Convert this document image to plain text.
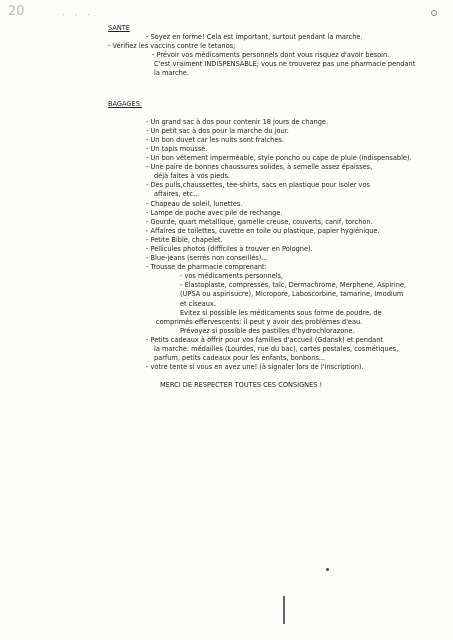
20	- - -

SANTE

- Soyez en forme! Cela est important, surtout pendant la marche.

- Vérifiez les vaccins contre le tetanos;

- Prévoir vos médicaments personnels dont vous risquez d'avoir besoin.

C'est vraiment INDISPENSABLE; vous ne trouverez pas une pharmacie pendant

la marche.

BAGAGES:

- Un grand sac à dos pour contenir 18 jours de change.

- Un petit sac à dos pour la marche du jour.

- Un bon duvet car les nuits sont fraiches.

- Un tapis mousse.

- Un bon vêtement imperméable, style poncho ou cape de pluie (indispensable).

- Une paire de bonnes chaussures solides, à semelle assez épaisses,

déjà faites à vos pieds.

- Des pulls,chaussettes, tee-shirts, sacs en plastique pour isoler vos

affaires, etc...

- Chapeau de soleil, lunettes.

- Lampe de poche avec pile de rechange.

- Gourde, quart metallique, gamelle creuse, couverts, canif, torchon.

- Affaires de toilettes, cuvette en toile ou plastique, papier hygiénique.

- Petite Bible, chapelet.

- Pellicules photos (difficiles à trouver en Pologne).

- Blue-jeans (serrés non conseillés)...

- Trousse de pharmacie comprenant:

- vos médicaments personnels,

- Elastoplaste, compresses, talc, Dermachrome, Merphene, Aspirine,

(UPSA ou aspirisucre), Micropore, Laboscorbine, tamarine, Imodium

et ciseaux.

Evitez si possible les médicaments sous forme de poudre, de

comprimés effervescents: il peut y avoir des problèmes d'eau.

Prévoyez si possible des pastilles d'hydrochlorazone.

- Petits cadeaux à offrir pour vos familles d'accueil (Gdansk) et pendant

la marche: médailles (Lourdes, rue du bac), cartes postales, cosmétiques,

parfum, petits cadeaux pour les enfants, bonbons...

- votre tente si vous en avez une! (à signaler lors de l'inscription).

MERCI DE RESPECTER TOUTES CES CONSIGNES !
